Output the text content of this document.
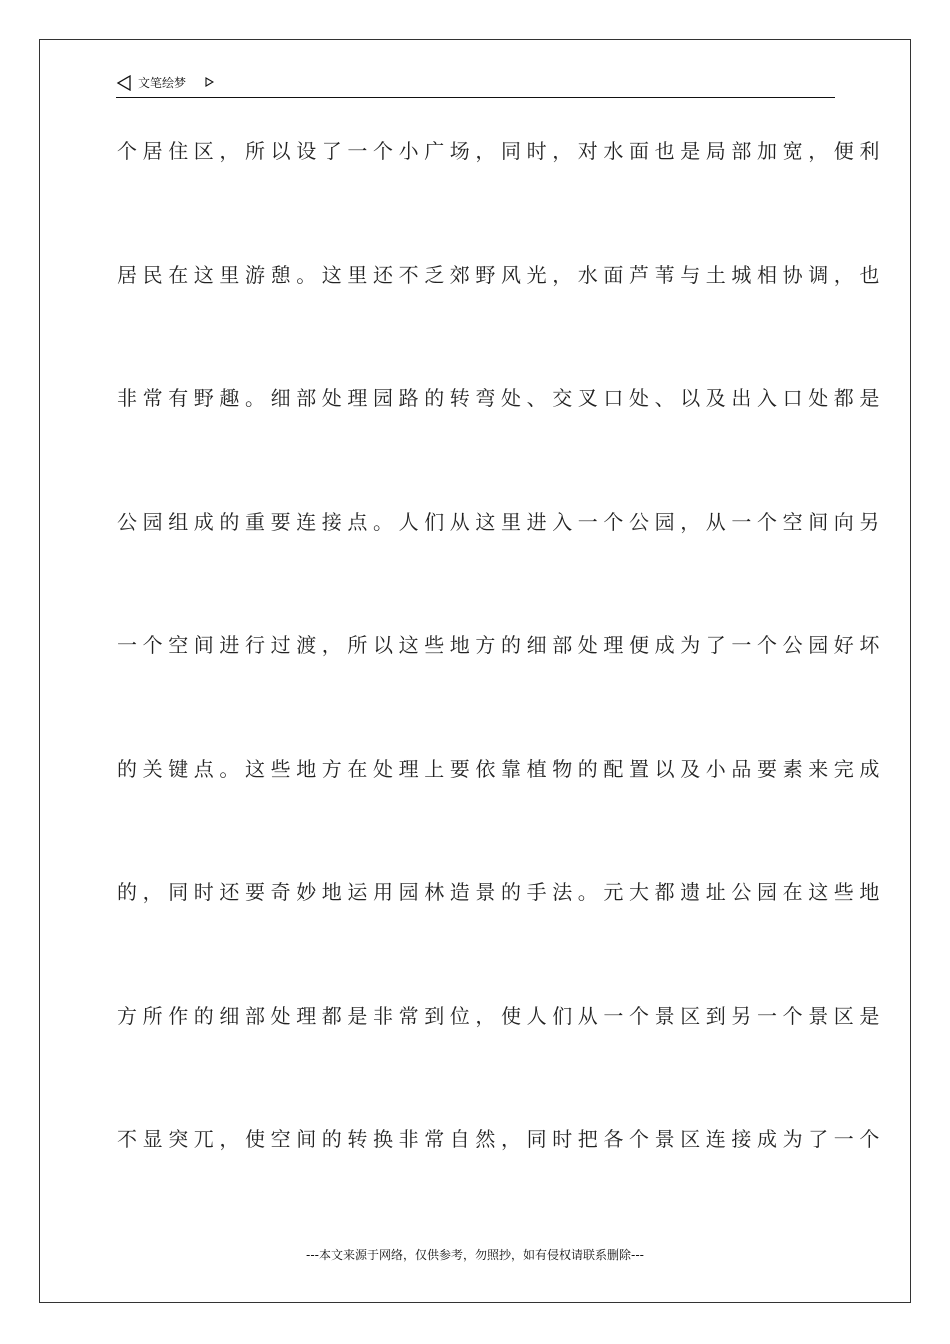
文笔绘梦
个居住区，所以设了一个小广场，同时，对水面也是局部加宽，便利
居民在这里游憩。这里还不乏郊野风光，水面芦苇与土城相协调，也
非常有野趣。细部处理园路的转弯处、交叉口处、以及出入口处都是
公园组成的重要连接点。人们从这里进入一个公园，从一个空间向另
一个空间进行过渡，所以这些地方的细部处理便成为了一个公园好坏
的关键点。这些地方在处理上要依靠植物的配置以及小品要素来完成
的，同时还要奇妙地运用园林造景的手法。元大都遗址公园在这些地
方所作的细部处理都是非常到位，使人们从一个景区到另一个景区是
不显突兀，使空间的转换非常自然，同时把各个景区连接成为了一个
---本文来源于网络，仅供参考，勿照抄，如有侵权请联系删除---
